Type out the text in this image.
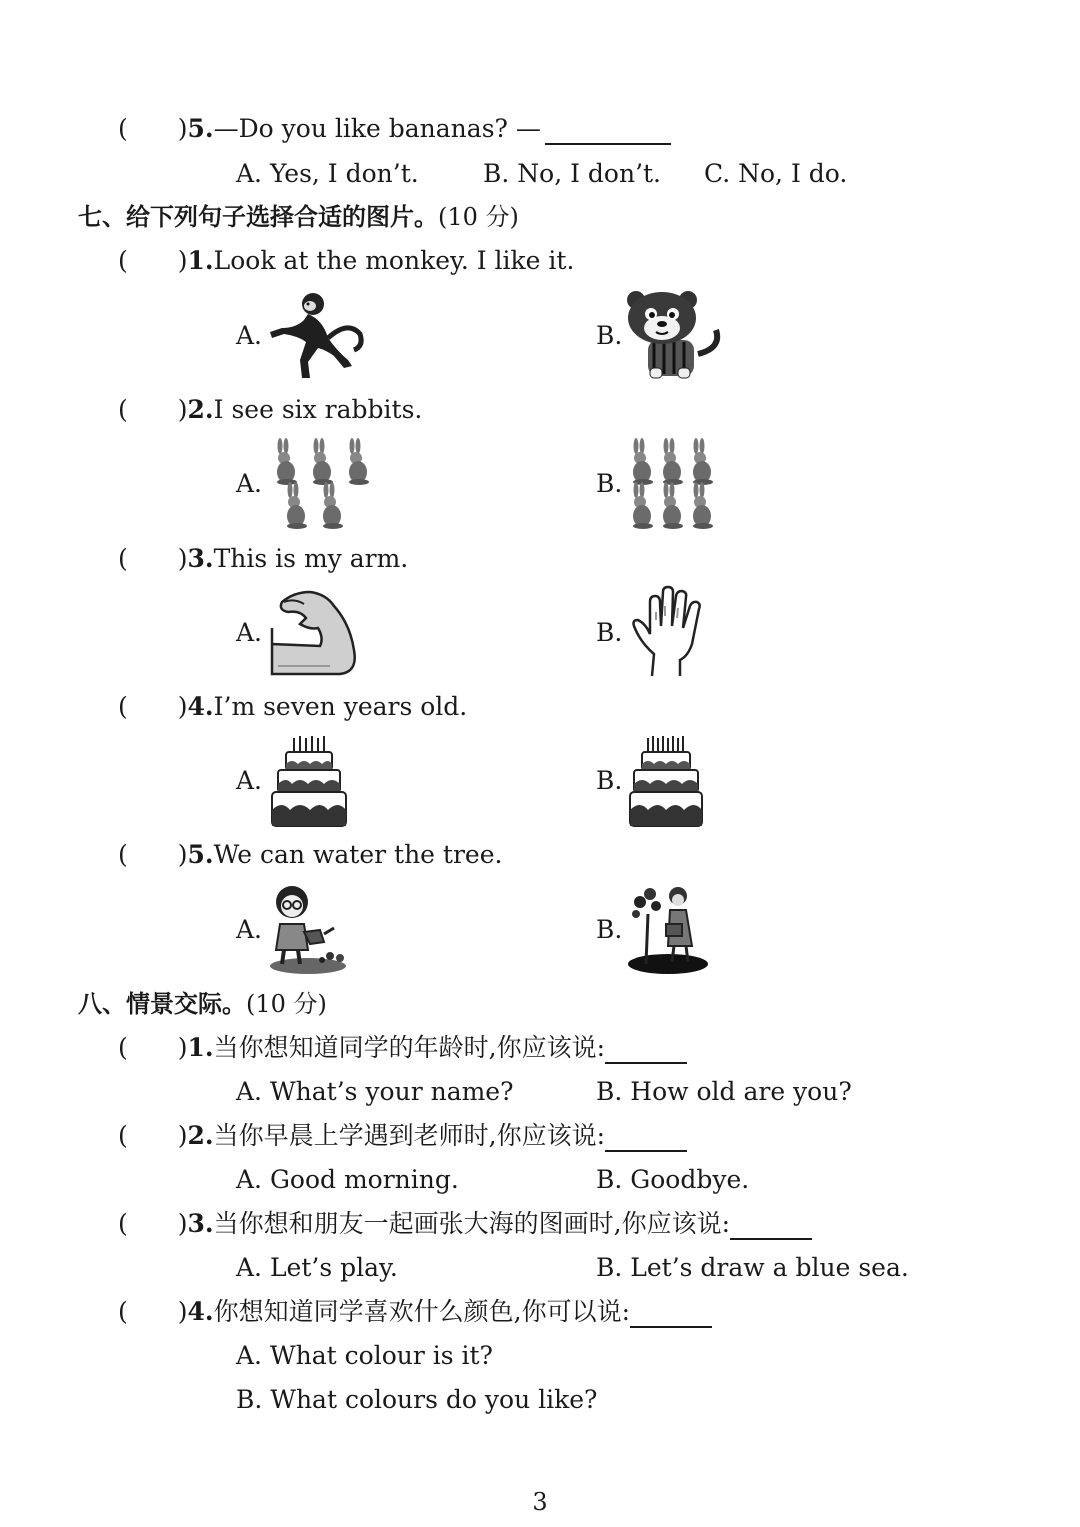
(　　)5.—Do you like bananas? —
A. Yes, I don’t.	B. No, I don’t. C. No, I do.
七、给下列句子选择合适的图片。(10 分)
(　　)1.Look at the monkey. I like it.
A.	B.
(　　)2.I see six rabbits.
A.	B.
(　　)3.This is my arm.
A.	B.
(　　)4.I’m seven years old.
A.	B.
(　　)5.We can water the tree.
A.	B.
八、情景交际。(10 分)
(　　)1.当你想知道同学的年龄时,你应该说:
A. What’s your name?	B. How old are you?
(　　)2.当你早晨上学遇到老师时,你应该说:
A. Good morning.	B. Goodbye.
(　　)3.当你想和朋友一起画张大海的图画时,你应该说:
A. Let’s play.	B. Let’s draw a blue sea.
(　　)4.你想知道同学喜欢什么颜色,你可以说:
A. What colour is it?
B. What colours do you like?
3
